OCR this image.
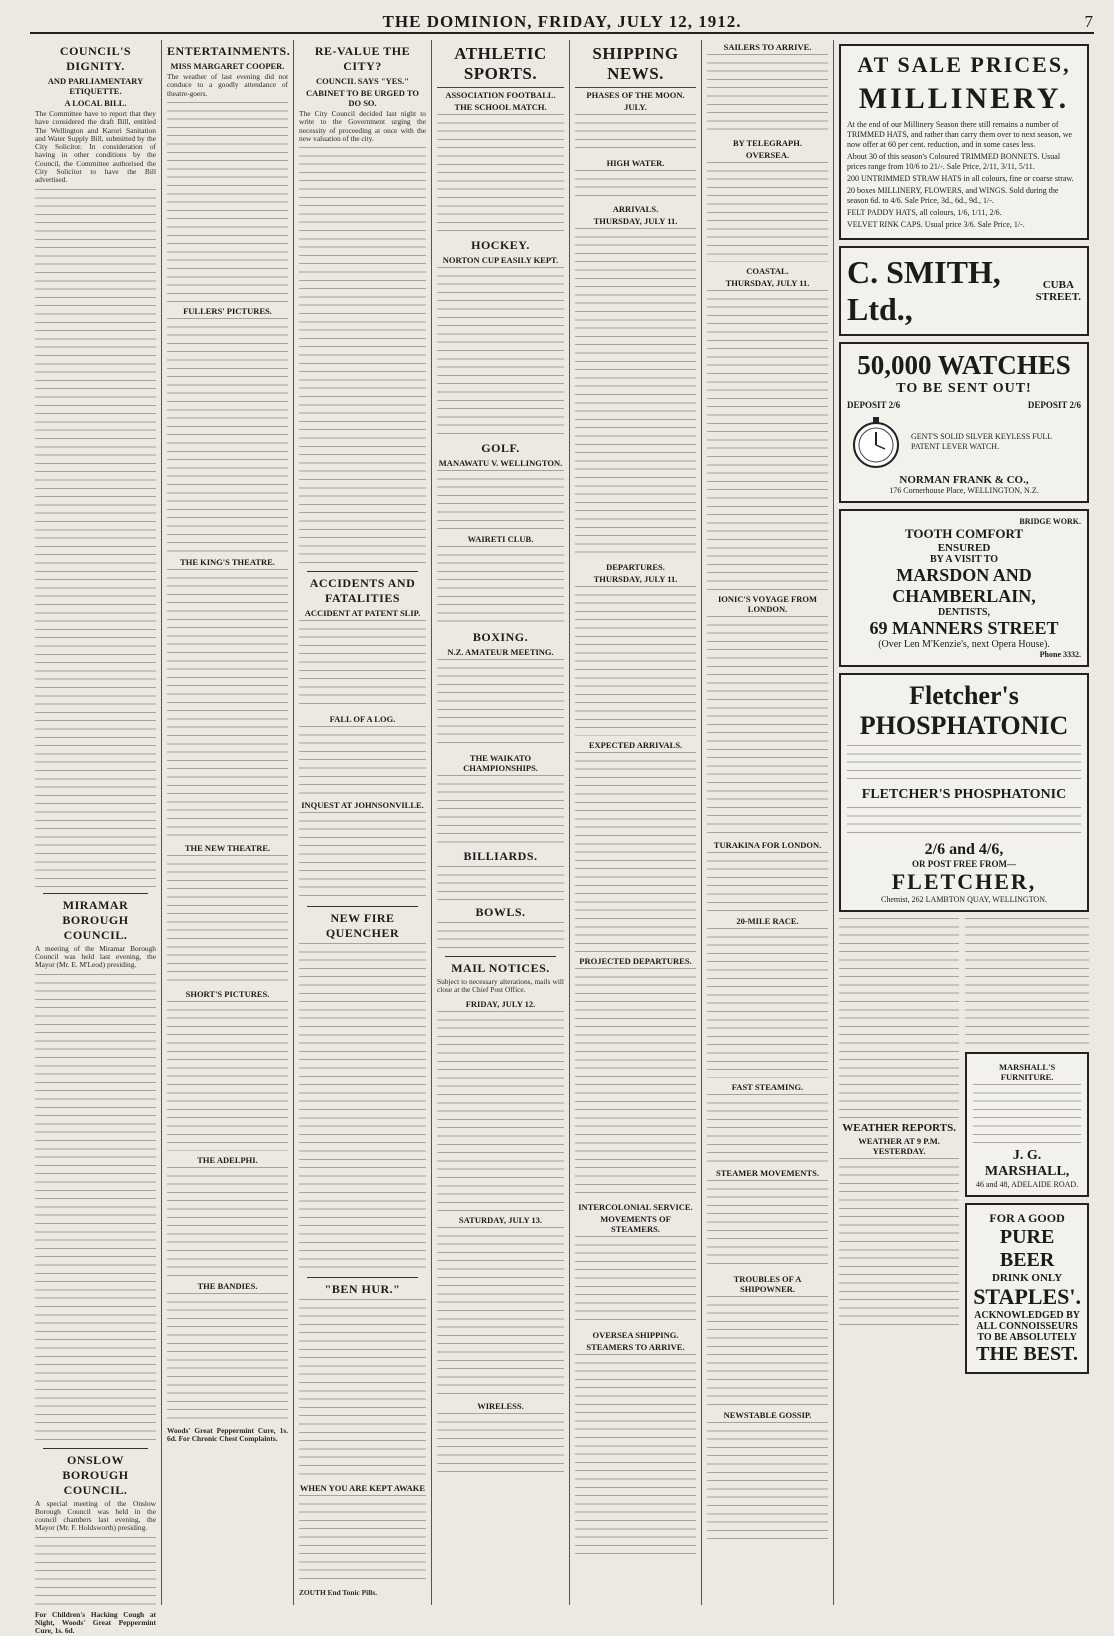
THE DOMINION, FRIDAY, JULY 12, 1912.	7
COUNCIL'S DIGNITY.
AND PARLIAMENTARY ETIQUETTE.
A LOCAL BILL.
The Committee have to report that they have considered the draft Bill, entitled The Wellington and Karori Sanitation and Water Supply Bill, submitted by the City Solicitor. In consideration of having in other conditions by the Council, the Committee authorised the City Solicitor to have the Bill advertised.
MIRAMAR BOROUGH COUNCIL.
A meeting of the Miramar Borough Council was held last evening, the Mayor (Mr. E. M'Leod) presiding.
ONSLOW BOROUGH COUNCIL.
A special meeting of the Onslow Borough Council was held in the council chambers last evening, the Mayor (Mr. F. Holdsworth) presiding.
For Children's Hacking Cough at Night, Woods' Great Peppermint Cure, 1s. 6d.
ENTERTAINMENTS.
MISS MARGARET COOPER.
The weather of last evening did not conduce to a goodly attendance of theatre-goers.
FULLERS' PICTURES.
THE KING'S THEATRE.
THE NEW THEATRE.
SHORT'S PICTURES.
THE ADELPHI.
THE BANDIES.
Woods' Great Peppermint Cure, 1s. 6d. For Chronic Chest Complaints.
RE-VALUE THE CITY?
COUNCIL SAYS "YES."
CABINET TO BE URGED TO DO SO.
The City Council decided last night to write to the Government urging the necessity of proceeding at once with the new valuation of the city.
ACCIDENTS AND FATALITIES
ACCIDENT AT PATENT SLIP.
FALL OF A LOG.
INQUEST AT JOHNSONVILLE.
NEW FIRE QUENCHER
"BEN HUR."
WHEN YOU ARE KEPT AWAKE
ZOUTH End Tonic Pills.
ATHLETIC SPORTS.
ASSOCIATION FOOTBALL.
THE SCHOOL MATCH.
HOCKEY.
NORTON CUP EASILY KEPT.
GOLF.
MANAWATU V. WELLINGTON.
WAIRETI CLUB.
BOXING.
N.Z. AMATEUR MEETING.
THE WAIKATO CHAMPIONSHIPS.
BILLIARDS.
BOWLS.
MAIL NOTICES.
Subject to necessary alterations, mails will close at the Chief Post Office.
FRIDAY, JULY 12.
SATURDAY, JULY 13.
WIRELESS.
SHIPPING NEWS.
PHASES OF THE MOON.
JULY.
HIGH WATER.
ARRIVALS.
THURSDAY, JULY 11.
DEPARTURES.
THURSDAY, JULY 11.
EXPECTED ARRIVALS.
PROJECTED DEPARTURES.
INTERCOLONIAL SERVICE.
MOVEMENTS OF STEAMERS.
OVERSEA SHIPPING.
STEAMERS TO ARRIVE.
SAILERS TO ARRIVE.
BY TELEGRAPH.
OVERSEA.
COASTAL.
THURSDAY, JULY 11.
IONIC'S VOYAGE FROM LONDON.
TURAKINA FOR LONDON.
20-MILE RACE.
FAST STEAMING.
STEAMER MOVEMENTS.
TROUBLES OF A SHIPOWNER.
NEWSTABLE GOSSIP.
AT SALE PRICES,
MILLINERY.
At the end of our Millinery Season there still remains a number of TRIMMED HATS, and rather than carry them over to next season, we now offer at 60 per cent. reduction, and in some cases less.
About 30 of this season's Coloured TRIMMED BONNETS. Usual prices range from 10/6 to 21/-. Sale Price, 2/11, 3/11, 5/11.
200 UNTRIMMED STRAW HATS in all colours, fine or coarse straw.
20 boxes MILLINERY, FLOWERS, and WINGS. Sold during the season 6d. to 4/6. Sale Price, 3d., 6d., 9d., 1/-.
FELT PADDY HATS, all colours, 1/6, 1/11, 2/6.
VELVET RINK CAPS. Usual price 3/6. Sale Price, 1/-.
C. SMITH, Ltd.,
CUBA
STREET.
50,000 WATCHES
TO BE SENT OUT!
DEPOSIT 2/6	DEPOSIT 2/6
GENT'S SOLID SILVER KEYLESS FULL PATENT LEVER WATCH.
NORMAN FRANK & CO.,
176 Cornerhouse Place, WELLINGTON, N.Z.
BRIDGE WORK.
TOOTH COMFORT
ENSURED
BY A VISIT TO
MARSDON AND CHAMBERLAIN,
DENTISTS,
69 MANNERS STREET
(Over Len M'Kenzie's, next Opera House).
Phone 3332.
Fletcher's PHOSPHATONIC
FLETCHER'S PHOSPHATONIC
2/6 and 4/6,
OR POST FREE FROM—
FLETCHER,
Chemist, 262 LAMBTON QUAY, WELLINGTON.
WEATHER REPORTS.
WEATHER AT 9 P.M. YESTERDAY.
MARSHALL'S FURNITURE.
J. G. MARSHALL,
46 and 48, ADELAIDE ROAD.
FOR A GOOD
PURE BEER
DRINK ONLY
STAPLES'.
ACKNOWLEDGED BY ALL CONNOISSEURS TO BE ABSOLUTELY
THE BEST.
